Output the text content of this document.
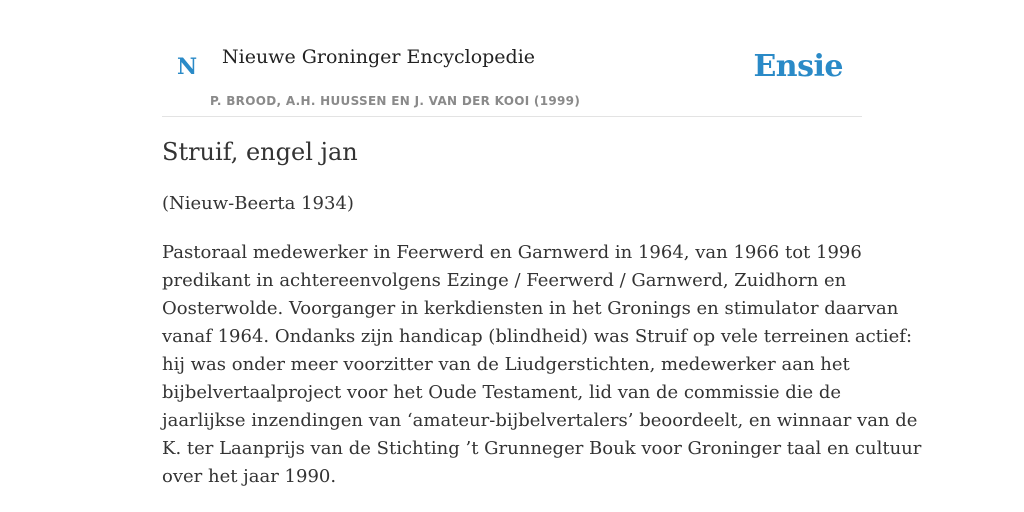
N Nieuwe Groninger Encyclopedie
P. BROOD, A.H. HUUSSEN EN J. VAN DER KOOI (1999)
Ensie
Struif, engel jan

(Nieuw-Beerta 1934)

Pastoraal medewerker in Feerwerd en Garnwerd in 1964, van 1966 tot 1996
predikant in achtereenvolgens Ezinge / Feerwerd / Garnwerd, Zuidhorn en
Oosterwolde. Voorganger in kerkdiensten in het Gronings en stimulator daarvan
vanaf 1964. Ondanks zijn handicap (blindheid) was Struif op vele terreinen actief:
hij was onder meer voorzitter van de Liudgerstichten, medewerker aan het
bijbelvertaalproject voor het Oude Testament, lid van de commissie die de
jaarlijkse inzendingen van ‘amateur-bijbelvertalers’ beoordeelt, en winnaar van de
K. ter Laanprijs van de Stichting ’t Grunneger Bouk voor Groninger taal en cultuur
over het jaar 1990.
